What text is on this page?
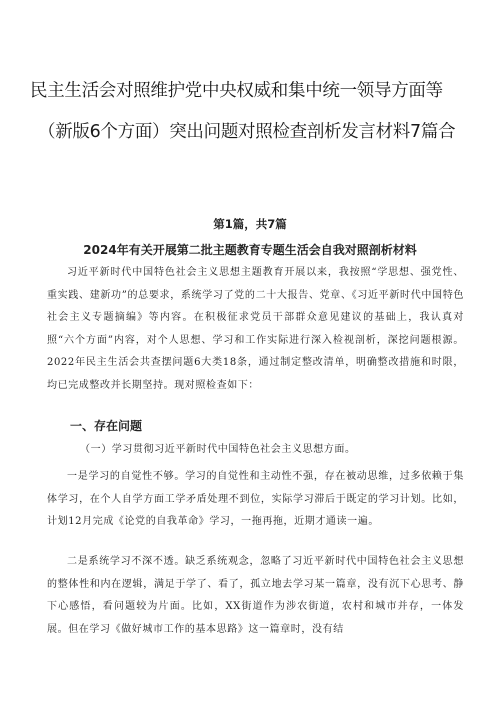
民主生活会对照维护党中央权威和集中统一领导方面等
（新版6个方面）突出问题对照检查剖析发言材料7篇合
第1篇，共7篇
2024年有关开展第二批主题教育专题生活会自我对照剖析材料

习近平新时代中国特色社会主义思想主题教育开展以来，我按照“学思想、强党性、重实践、建新功”的总要求，系统学习了党的二十大报告、党章、《习近平新时代中国特色社会主义专题摘编》等内容。在积极征求党员干部群众意见建议的基础上，我认真对照“六个方面”内容，对个人思想、学习和工作实际进行深入检视剖析，深挖问题根源。2022年民主生活会共查摆问题6大类18条，通过制定整改清单，明确整改措施和时限，均已完成整改并长期坚持。现对照检查如下：

一、存在问题
（一）学习贯彻习近平新时代中国特色社会主义思想方面。

一是学习的自觉性不够。学习的自觉性和主动性不强，存在被动思维，过多依赖于集体学习，在个人自学方面工学矛盾处理不到位，实际学习滞后于既定的学习计划。比如，计划12月完成《论党的自我革命》学习，一拖再拖，近期才通读一遍。

二是系统学习不深不透。缺乏系统观念，忽略了习近平新时代中国特色社会主义思想的整体性和内在逻辑，满足于学了、看了，孤立地去学习某一篇章，没有沉下心思考、静下心感悟，看问题较为片面。比如，XX街道作为涉农街道，农村和城市并存，一体发展。但在学习《做好城市工作的基本思路》这一篇章时，没有结
